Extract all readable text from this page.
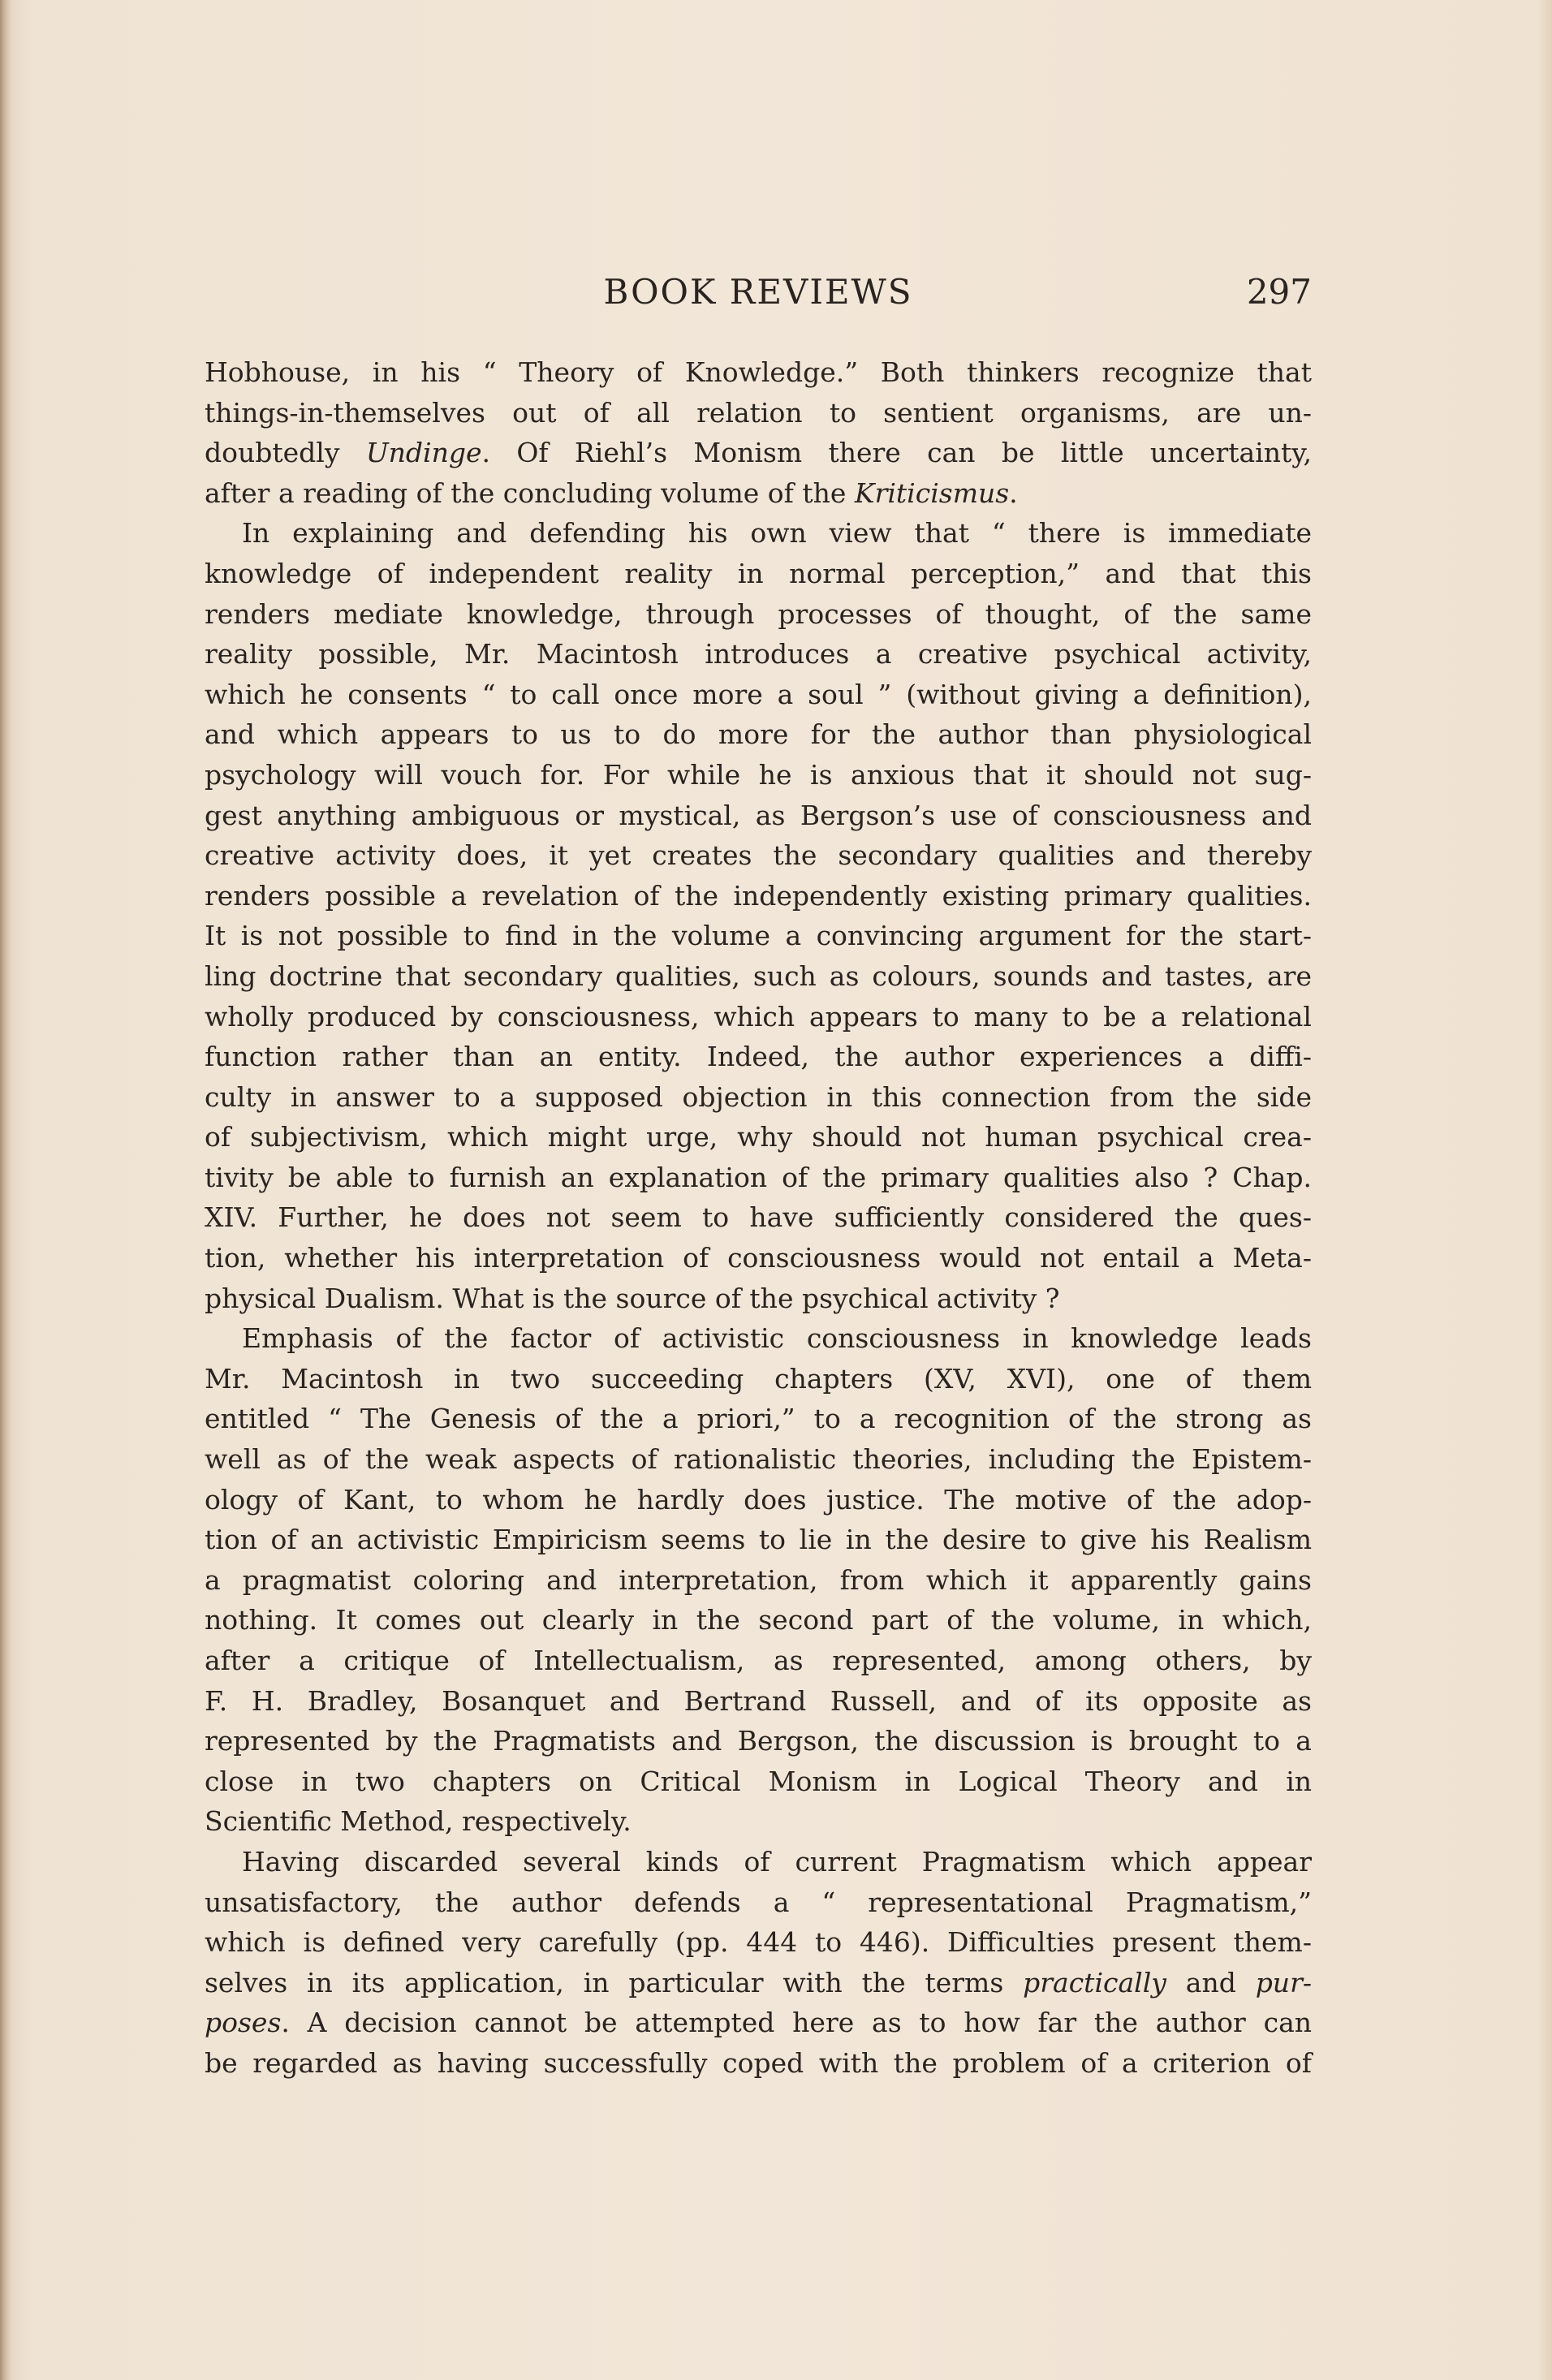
BOOK REVIEWS	297
Hobhouse, in his “ Theory of Knowledge.” Both thinkers recognize that
things-in-themselves out of all relation to sentient organisms, are un-
doubtedly Undinge. Of Riehl’s Monism there can be little uncertainty,
after a reading of the concluding volume of the Kriticismus.
In explaining and defending his own view that “ there is immediate
knowledge of independent reality in normal perception,” and that this
renders mediate knowledge, through processes of thought, of the same
reality possible, Mr. Macintosh introduces a creative psychical activity,
which he consents “ to call once more a soul ” (without giving a definition),
and which appears to us to do more for the author than physiological
psychology will vouch for. For while he is anxious that it should not sug-
gest anything ambiguous or mystical, as Bergson’s use of consciousness and
creative activity does, it yet creates the secondary qualities and thereby
renders possible a revelation of the independently existing primary qualities.
It is not possible to find in the volume a convincing argument for the start-
ling doctrine that secondary qualities, such as colours, sounds and tastes, are
wholly produced by consciousness, which appears to many to be a relational
function rather than an entity. Indeed, the author experiences a diffi-
culty in answer to a supposed objection in this connection from the side
of subjectivism, which might urge, why should not human psychical crea-
tivity be able to furnish an explanation of the primary qualities also ? Chap.
XIV. Further, he does not seem to have sufficiently considered the ques-
tion, whether his interpretation of consciousness would not entail a Meta-
physical Dualism. What is the source of the psychical activity ?
Emphasis of the factor of activistic consciousness in knowledge leads
Mr. Macintosh in two succeeding chapters (XV, XVI), one of them
entitled “ The Genesis of the a priori,” to a recognition of the strong as
well as of the weak aspects of rationalistic theories, including the Epistem-
ology of Kant, to whom he hardly does justice. The motive of the adop-
tion of an activistic Empiricism seems to lie in the desire to give his Realism
a pragmatist coloring and interpretation, from which it apparently gains
nothing. It comes out clearly in the second part of the volume, in which,
after a critique of Intellectualism, as represented, among others, by
F. H. Bradley, Bosanquet and Bertrand Russell, and of its opposite as
represented by the Pragmatists and Bergson, the discussion is brought to a
close in two chapters on Critical Monism in Logical Theory and in
Scientific Method, respectively.
Having discarded several kinds of current Pragmatism which appear
unsatisfactory, the author defends a “ representational Pragmatism,”
which is defined very carefully (pp. 444 to 446). Difficulties present them-
selves in its application, in particular with the terms practically and pur-
poses. A decision cannot be attempted here as to how far the author can
be regarded as having successfully coped with the problem of a criterion of
